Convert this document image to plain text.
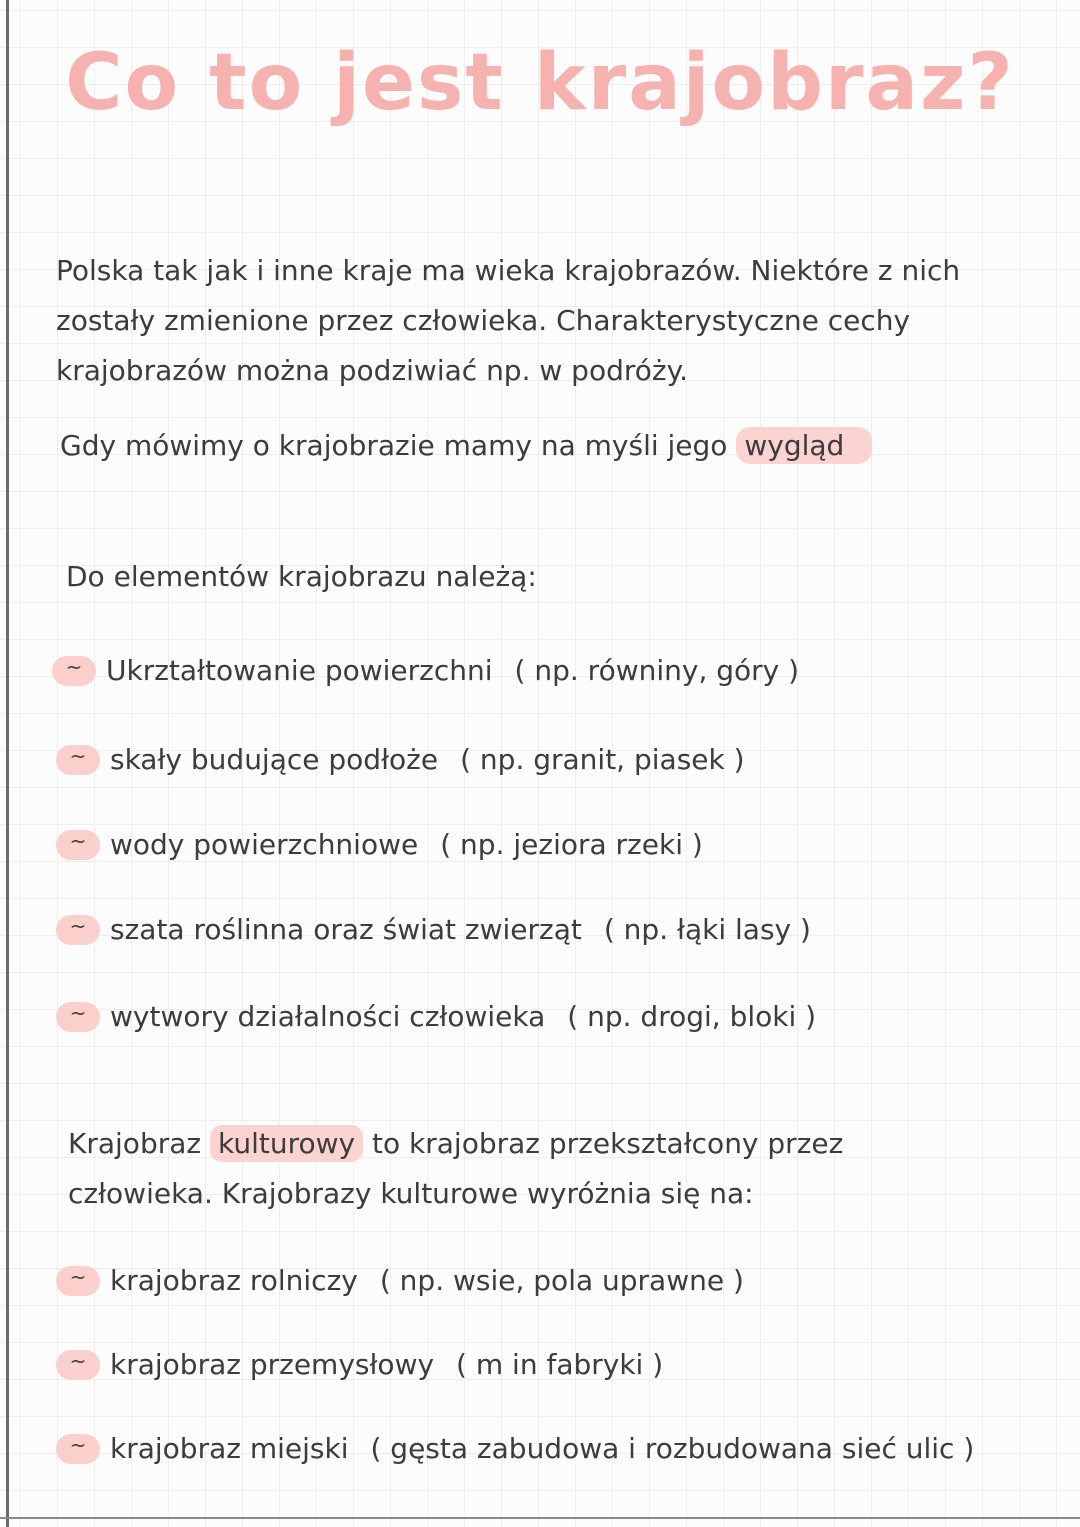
Co to jest krajobraz?
Polska tak jak i inne kraje ma wieka krajobrazów. Niektóre z nich
zostały zmienione przez człowieka. Charakterystyczne cechy
krajobrazów można podziwiać np. w podróży.
Gdy mówimy o krajobrazie mamy na myśli jego wygląd
Do elementów krajobrazu należą:
~ Ukrztałtowanie powierzchni ( np. równiny, góry )
~ skały budujące podłoże ( np. granit, piasek )
~ wody powierzchniowe ( np. jeziora rzeki )
~ szata roślinna oraz świat zwierząt ( np. łąki lasy )
~ wytwory działalności człowieka ( np. drogi, bloki )
Krajobraz kulturowy to krajobraz przekształcony przez
człowieka. Krajobrazy kulturowe wyróżnia się na:
~ krajobraz rolniczy ( np. wsie, pola uprawne )
~ krajobraz przemysłowy ( m in fabryki )
~ krajobraz miejski ( gęsta zabudowa i rozbudowana sieć ulic )
